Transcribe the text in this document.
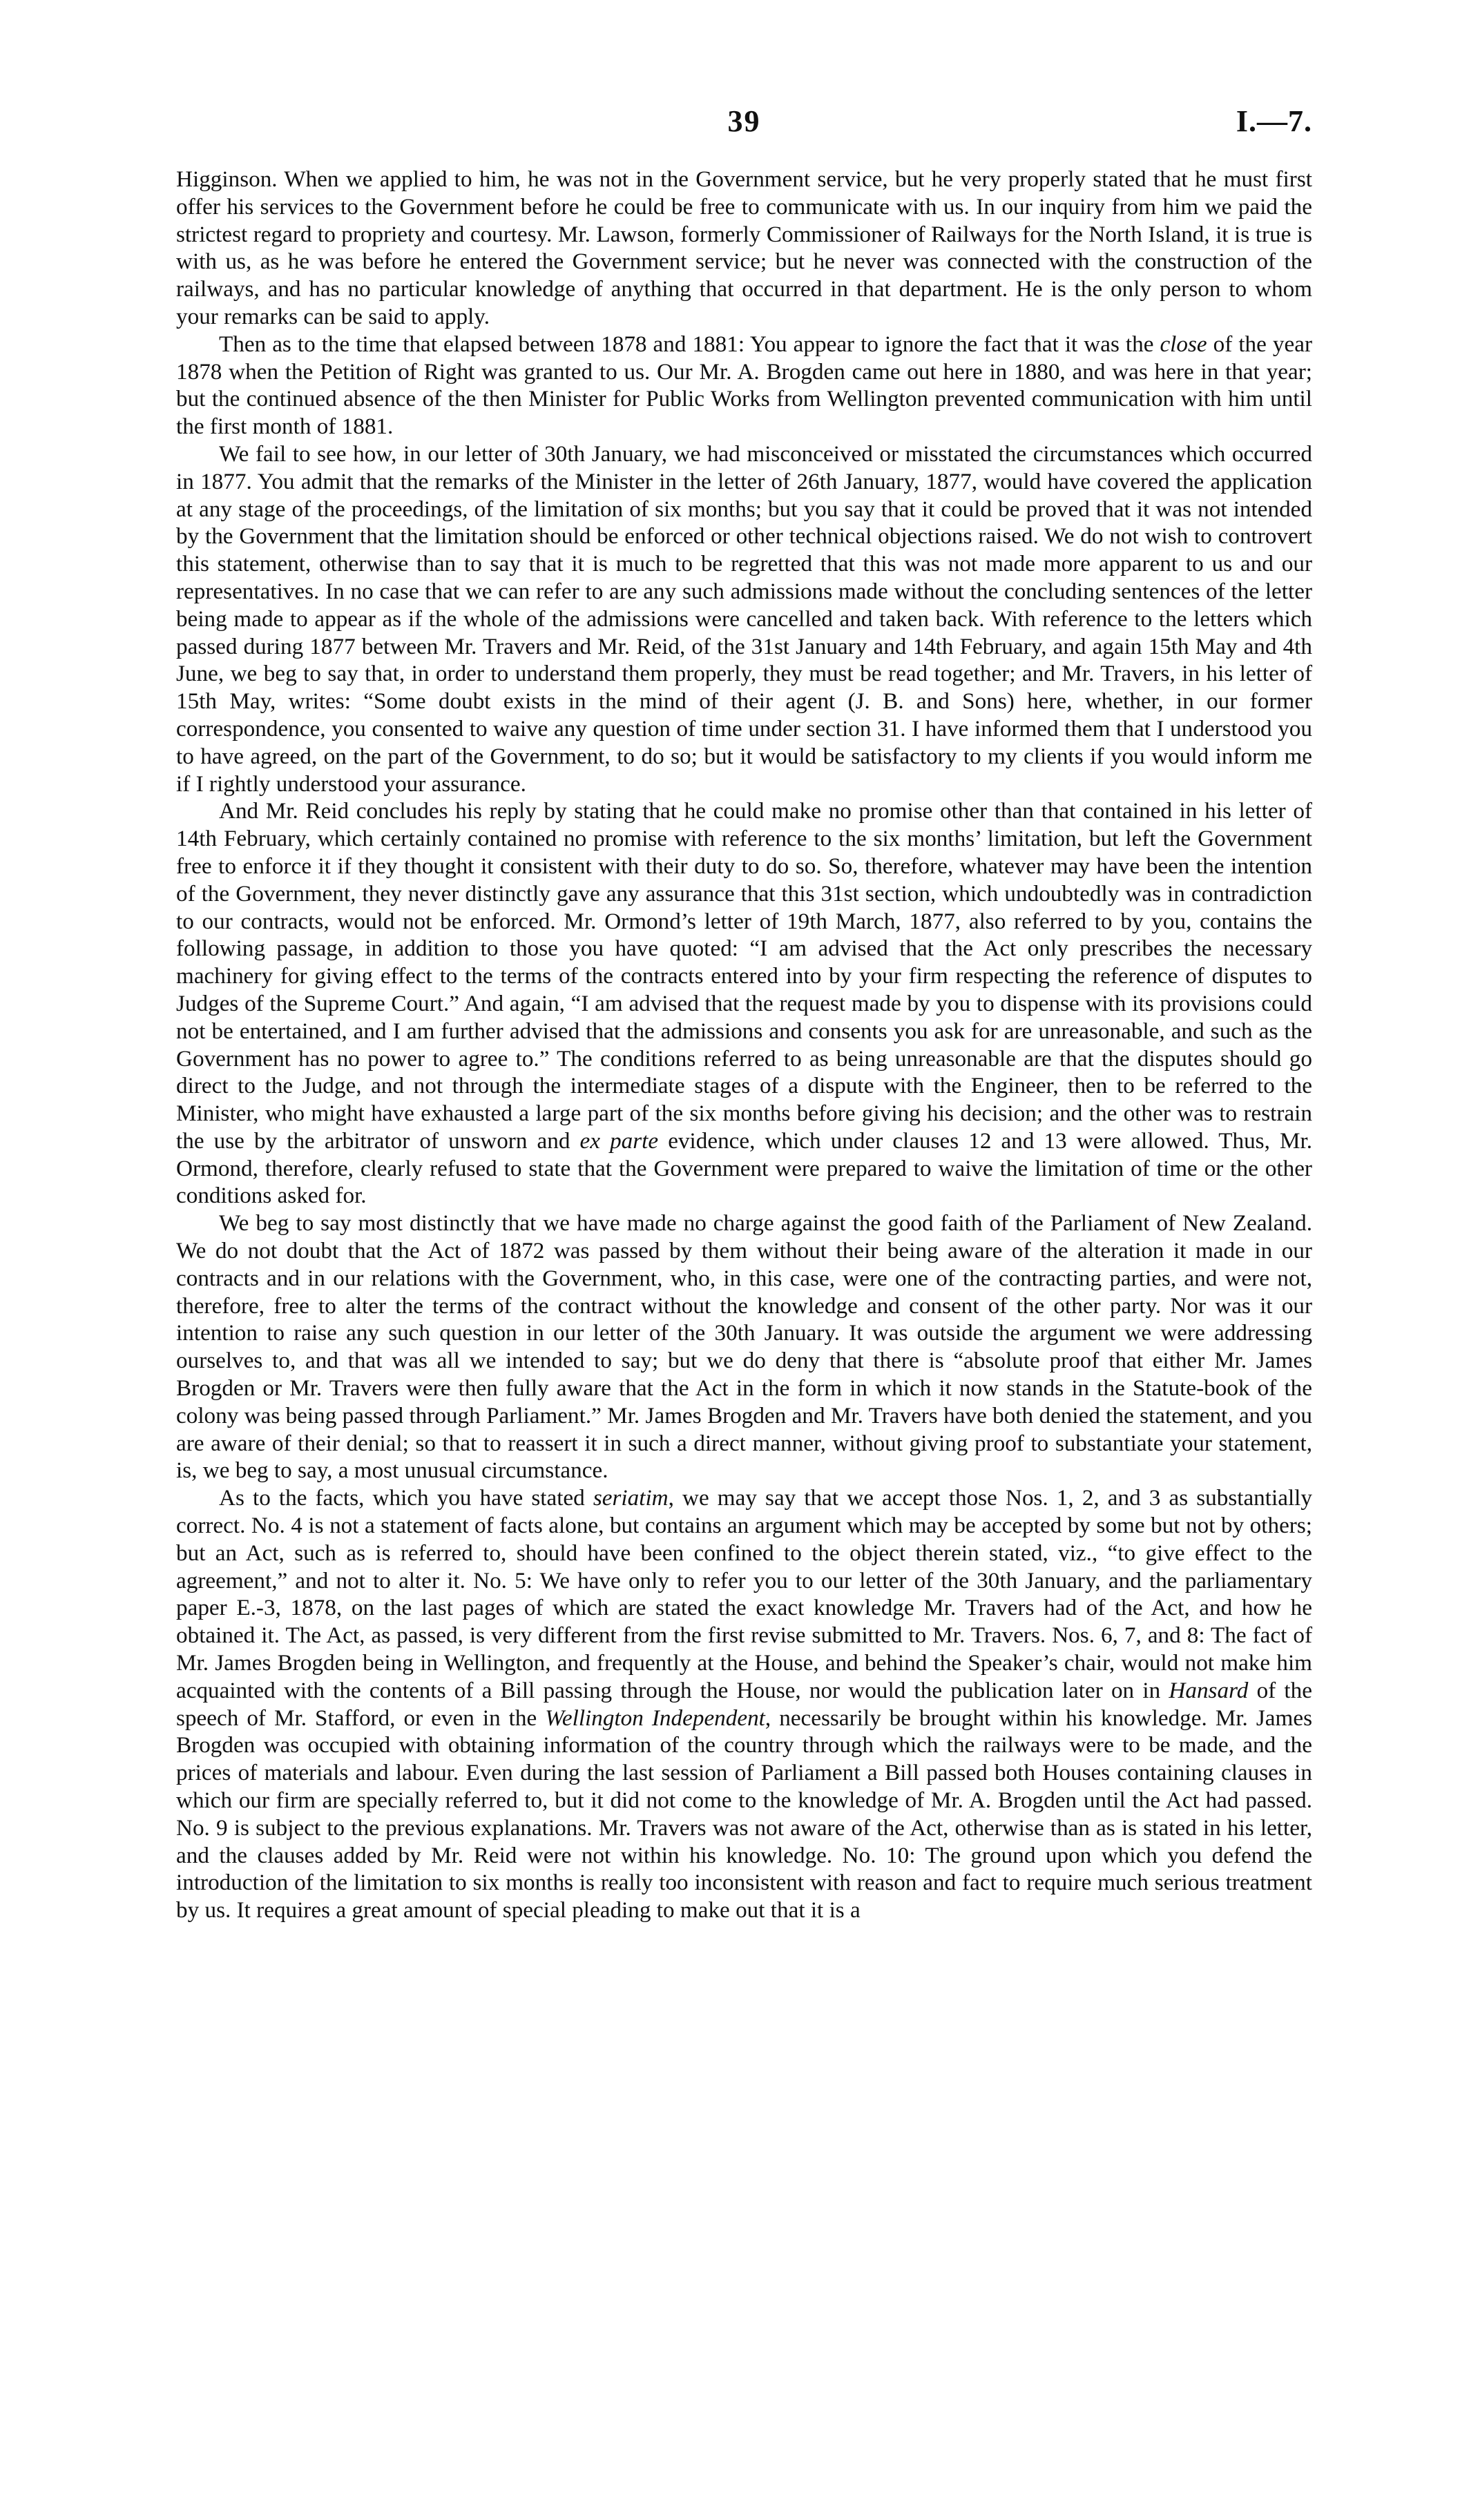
39	I.—7.

Higginson. When we applied to him, he was not in the Government service, but he very properly stated that he must first offer his services to the Government before he could be free to communicate with us. In our inquiry from him we paid the strictest regard to propriety and courtesy. Mr. Lawson, formerly Commissioner of Railways for the North Island, it is true is with us, as he was before he entered the Government service; but he never was connected with the construction of the railways, and has no particular knowledge of anything that occurred in that department. He is the only person to whom your remarks can be said to apply.

Then as to the time that elapsed between 1878 and 1881: You appear to ignore the fact that it was the close of the year 1878 when the Petition of Right was granted to us. Our Mr. A. Brogden came out here in 1880, and was here in that year; but the continued absence of the then Minister for Public Works from Wellington prevented communication with him until the first month of 1881.

We fail to see how, in our letter of 30th January, we had misconceived or misstated the circumstances which occurred in 1877. You admit that the remarks of the Minister in the letter of 26th January, 1877, would have covered the application at any stage of the proceedings, of the limitation of six months; but you say that it could be proved that it was not intended by the Government that the limitation should be enforced or other technical objections raised. We do not wish to controvert this statement, otherwise than to say that it is much to be regretted that this was not made more apparent to us and our representatives. In no case that we can refer to are any such admissions made without the concluding sentences of the letter being made to appear as if the whole of the admissions were cancelled and taken back. With reference to the letters which passed during 1877 between Mr. Travers and Mr. Reid, of the 31st January and 14th February, and again 15th May and 4th June, we beg to say that, in order to understand them properly, they must be read together; and Mr. Travers, in his letter of 15th May, writes: “Some doubt exists in the mind of their agent (J. B. and Sons) here, whether, in our former correspondence, you consented to waive any question of time under section 31. I have informed them that I understood you to have agreed, on the part of the Government, to do so; but it would be satisfactory to my clients if you would inform me if I rightly understood your assurance.

And Mr. Reid concludes his reply by stating that he could make no promise other than that contained in his letter of 14th February, which certainly contained no promise with reference to the six months’ limitation, but left the Government free to enforce it if they thought it consistent with their duty to do so. So, therefore, whatever may have been the intention of the Government, they never distinctly gave any assurance that this 31st section, which undoubtedly was in contradiction to our contracts, would not be enforced. Mr. Ormond’s letter of 19th March, 1877, also referred to by you, contains the following passage, in addition to those you have quoted: “I am advised that the Act only prescribes the necessary machinery for giving effect to the terms of the contracts entered into by your firm respecting the reference of disputes to Judges of the Supreme Court.” And again, “I am advised that the request made by you to dispense with its provisions could not be entertained, and I am further advised that the admissions and consents you ask for are unreasonable, and such as the Government has no power to agree to.” The conditions referred to as being unreasonable are that the disputes should go direct to the Judge, and not through the intermediate stages of a dispute with the Engineer, then to be referred to the Minister, who might have exhausted a large part of the six months before giving his decision; and the other was to restrain the use by the arbitrator of unsworn and ex parte evidence, which under clauses 12 and 13 were allowed. Thus, Mr. Ormond, therefore, clearly refused to state that the Government were prepared to waive the limitation of time or the other conditions asked for.

We beg to say most distinctly that we have made no charge against the good faith of the Parliament of New Zealand. We do not doubt that the Act of 1872 was passed by them without their being aware of the alteration it made in our contracts and in our relations with the Government, who, in this case, were one of the contracting parties, and were not, therefore, free to alter the terms of the contract without the knowledge and consent of the other party. Nor was it our intention to raise any such question in our letter of the 30th January. It was outside the argument we were addressing ourselves to, and that was all we intended to say; but we do deny that there is “absolute proof that either Mr. James Brogden or Mr. Travers were then fully aware that the Act in the form in which it now stands in the Statute-book of the colony was being passed through Parliament.” Mr. James Brogden and Mr. Travers have both denied the statement, and you are aware of their denial; so that to reassert it in such a direct manner, without giving proof to substantiate your statement, is, we beg to say, a most unusual circumstance.

As to the facts, which you have stated seriatim, we may say that we accept those Nos. 1, 2, and 3 as substantially correct. No. 4 is not a statement of facts alone, but contains an argument which may be accepted by some but not by others; but an Act, such as is referred to, should have been confined to the object therein stated, viz., “to give effect to the agreement,” and not to alter it. No. 5: We have only to refer you to our letter of the 30th January, and the parliamentary paper E.-3, 1878, on the last pages of which are stated the exact knowledge Mr. Travers had of the Act, and how he obtained it. The Act, as passed, is very different from the first revise submitted to Mr. Travers. Nos. 6, 7, and 8: The fact of Mr. James Brogden being in Wellington, and frequently at the House, and behind the Speaker’s chair, would not make him acquainted with the contents of a Bill passing through the House, nor would the publication later on in Hansard of the speech of Mr. Stafford, or even in the Wellington Independent, necessarily be brought within his knowledge. Mr. James Brogden was occupied with obtaining information of the country through which the railways were to be made, and the prices of materials and labour. Even during the last session of Parliament a Bill passed both Houses containing clauses in which our firm are specially referred to, but it did not come to the knowledge of Mr. A. Brogden until the Act had passed. No. 9 is subject to the previous explanations. Mr. Travers was not aware of the Act, otherwise than as is stated in his letter, and the clauses added by Mr. Reid were not within his knowledge. No. 10: The ground upon which you defend the introduction of the limitation to six months is really too inconsistent with reason and fact to require much serious treatment by us. It requires a great amount of special pleading to make out that it is a
